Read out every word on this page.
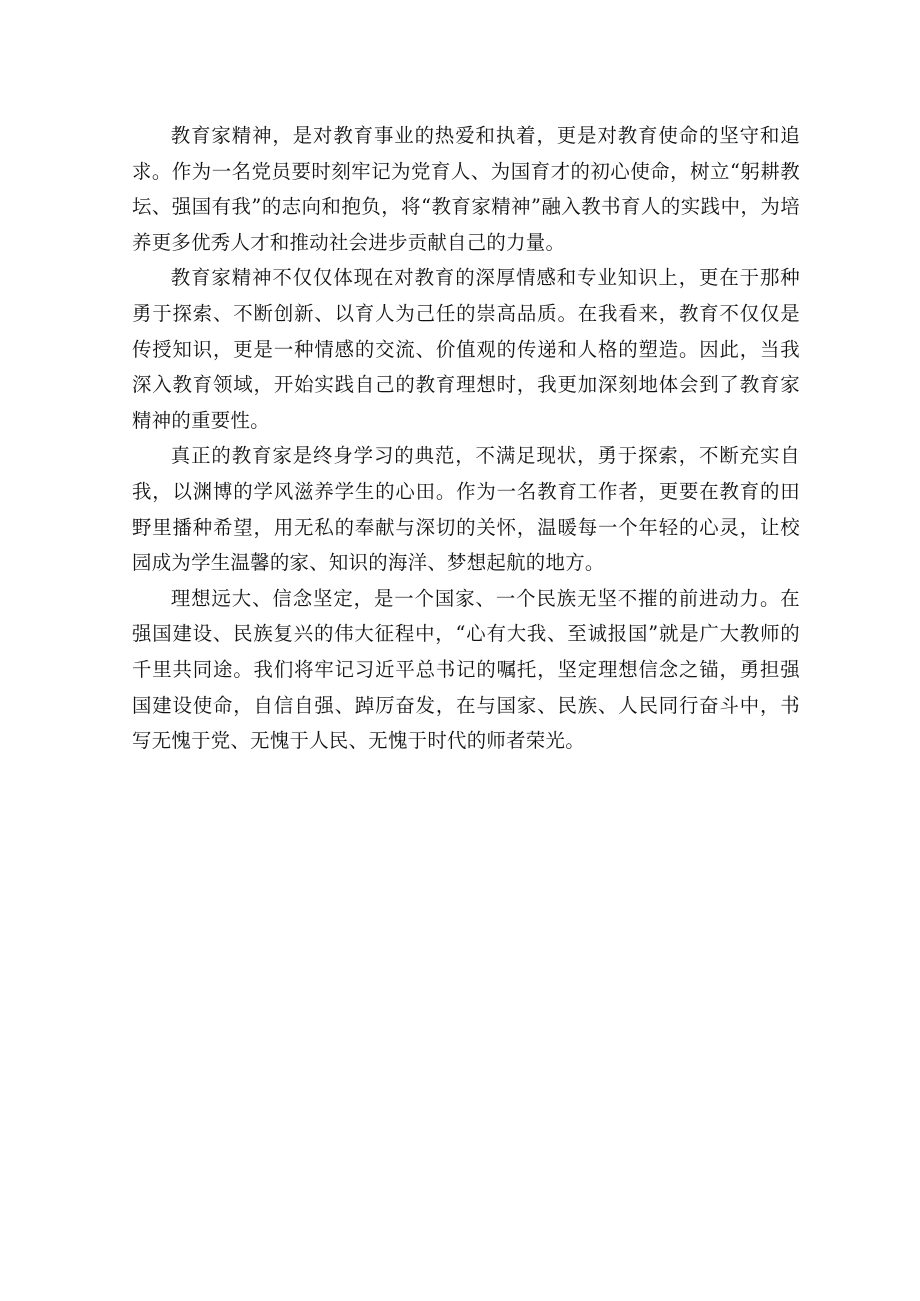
教育家精神，是对教育事业的热爱和执着，更是对教育使命的坚守和追求。作为一名党员要时刻牢记为党育人、为国育才的初心使命，树立“躬耕教坛、强国有我”的志向和抱负，将“教育家精神”融入教书育人的实践中，为培养更多优秀人才和推动社会进步贡献自己的力量。

教育家精神不仅仅体现在对教育的深厚情感和专业知识上，更在于那种勇于探索、不断创新、以育人为己任的崇高品质。在我看来，教育不仅仅是传授知识，更是一种情感的交流、价值观的传递和人格的塑造。因此，当我深入教育领域，开始实践自己的教育理想时，我更加深刻地体会到了教育家精神的重要性。

真正的教育家是终身学习的典范，不满足现状，勇于探索，不断充实自我，以渊博的学风滋养学生的心田。作为一名教育工作者，更要在教育的田野里播种希望，用无私的奉献与深切的关怀，温暖每一个年轻的心灵，让校园成为学生温馨的家、知识的海洋、梦想起航的地方。

理想远大、信念坚定，是一个国家、一个民族无坚不摧的前进动力。在强国建设、民族复兴的伟大征程中，“心有大我、至诚报国”就是广大教师的千里共同途。我们将牢记习近平总书记的嘱托，坚定理想信念之锚，勇担强国建设使命，自信自强、踔厉奋发，在与国家、民族、人民同行奋斗中，书写无愧于党、无愧于人民、无愧于时代的师者荣光。
